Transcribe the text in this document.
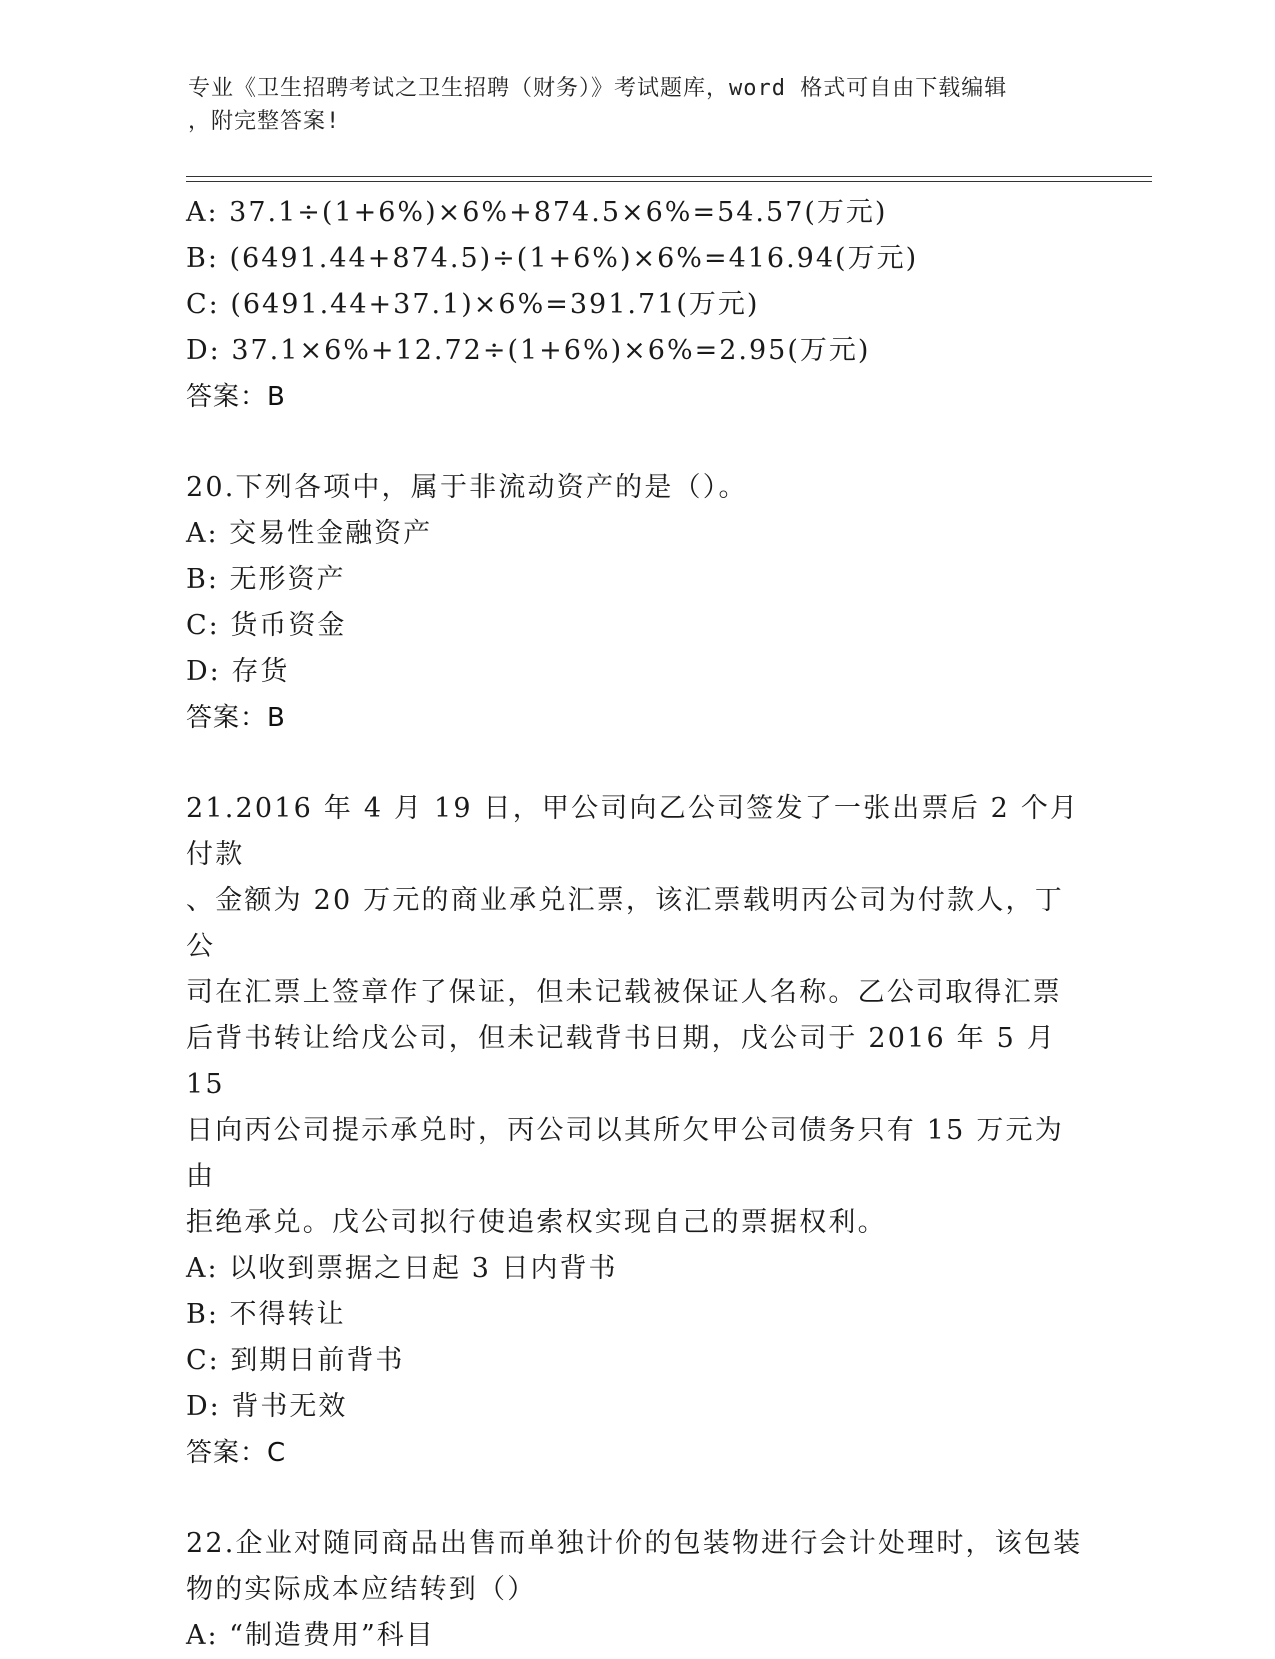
专业《卫生招聘考试之卫生招聘（财务）》考试题库，word 格式可自由下载编辑
，附完整答案!
A: 37.1÷(1+6%)×6%+874.5×6%=54.57(万元)
B: (6491.44+874.5)÷(1+6%)×6%=416.94(万元)
C: (6491.44+37.1)×6%=391.71(万元)
D: 37.1×6%+12.72÷(1+6%)×6%=2.95(万元)
答案：B
20.下列各项中，属于非流动资产的是（）。
A: 交易性金融资产
B: 无形资产
C: 货币资金
D: 存货
答案：B
21.2016 年 4 月 19 日，甲公司向乙公司签发了一张出票后 2 个月付款
、金额为 20 万元的商业承兑汇票，该汇票载明丙公司为付款人，丁公
司在汇票上签章作了保证，但未记载被保证人名称。乙公司取得汇票
后背书转让给戊公司，但未记载背书日期，戊公司于 2016 年 5 月 15
日向丙公司提示承兑时，丙公司以其所欠甲公司债务只有 15 万元为由
拒绝承兑。戊公司拟行使追索权实现自己的票据权利。
A: 以收到票据之日起 3 日内背书
B: 不得转让
C: 到期日前背书
D: 背书无效
答案：C
22.企业对随同商品出售而单独计价的包装物进行会计处理时，该包装
物的实际成本应结转到（）
A: “制造费用”科目
